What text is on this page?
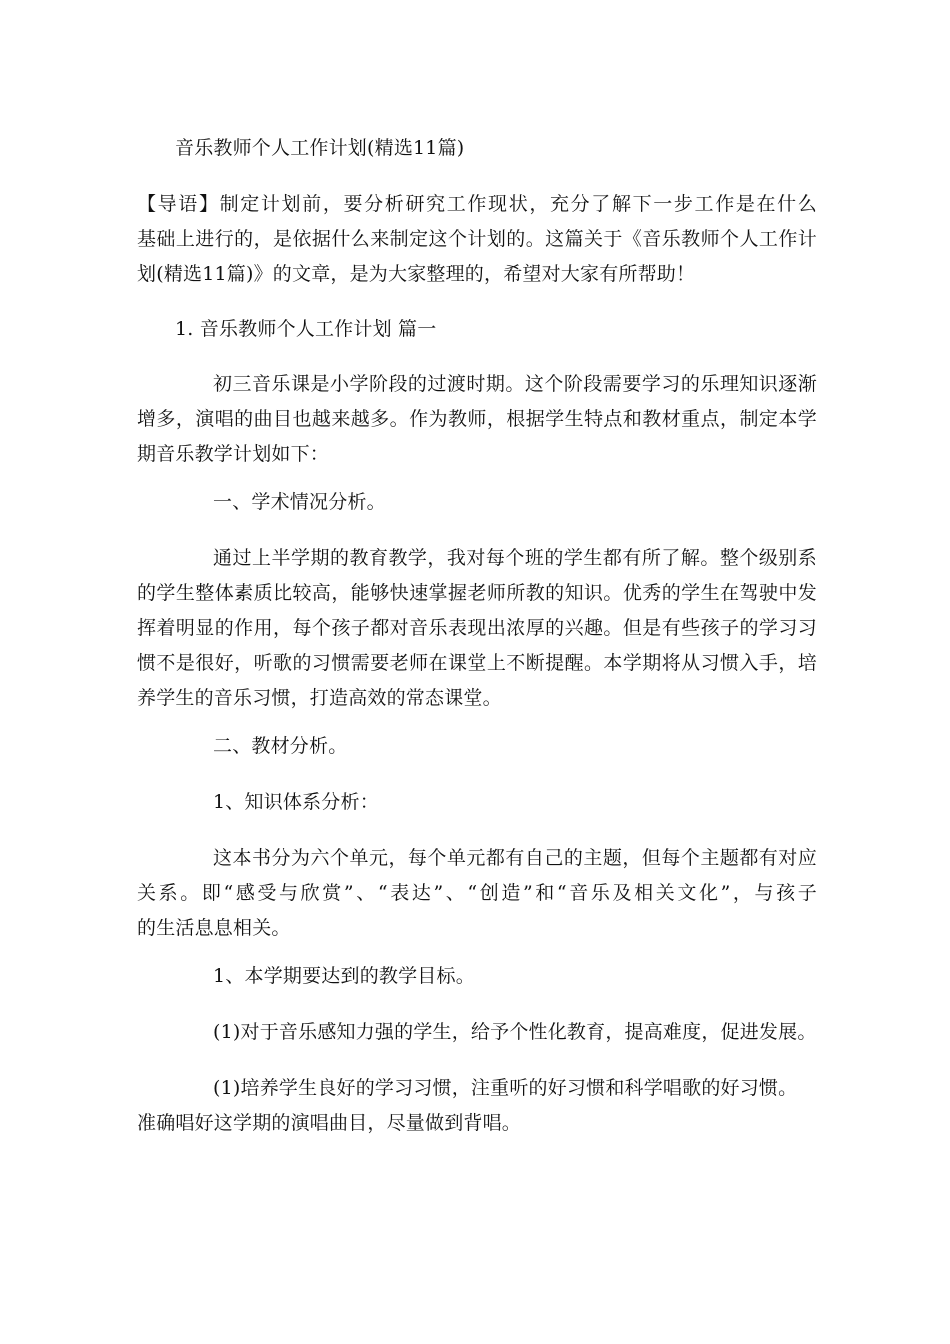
音乐教师个人工作计划(精选11篇)
【导语】制定计划前，要分析研究工作现状，充分了解下一步工作是在什么
基础上进行的，是依据什么来制定这个计划的。这篇关于《音乐教师个人工作计
划(精选11篇)》的文章，是为大家整理的，希望对大家有所帮助！
1. 音乐教师个人工作计划 篇一
初三音乐课是小学阶段的过渡时期。这个阶段需要学习的乐理知识逐渐
增多，演唱的曲目也越来越多。作为教师，根据学生特点和教材重点，制定本学
期音乐教学计划如下：
一、学术情况分析。
通过上半学期的教育教学，我对每个班的学生都有所了解。整个级别系
的学生整体素质比较高，能够快速掌握老师所教的知识。优秀的学生在驾驶中发
挥着明显的作用，每个孩子都对音乐表现出浓厚的兴趣。但是有些孩子的学习习
惯不是很好，听歌的习惯需要老师在课堂上不断提醒。本学期将从习惯入手，培
养学生的音乐习惯，打造高效的常态课堂。
二、教材分析。
1、知识体系分析：
这本书分为六个单元，每个单元都有自己的主题，但每个主题都有对应
关系。即“感受与欣赏”、“表达”、“创造”和“音乐及相关文化”，与孩子
的生活息息相关。
1、本学期要达到的教学目标。
(1)对于音乐感知力强的学生，给予个性化教育，提高难度，促进发展。
(1)培养学生良好的学习习惯，注重听的好习惯和科学唱歌的好习惯。
准确唱好这学期的演唱曲目，尽量做到背唱。
